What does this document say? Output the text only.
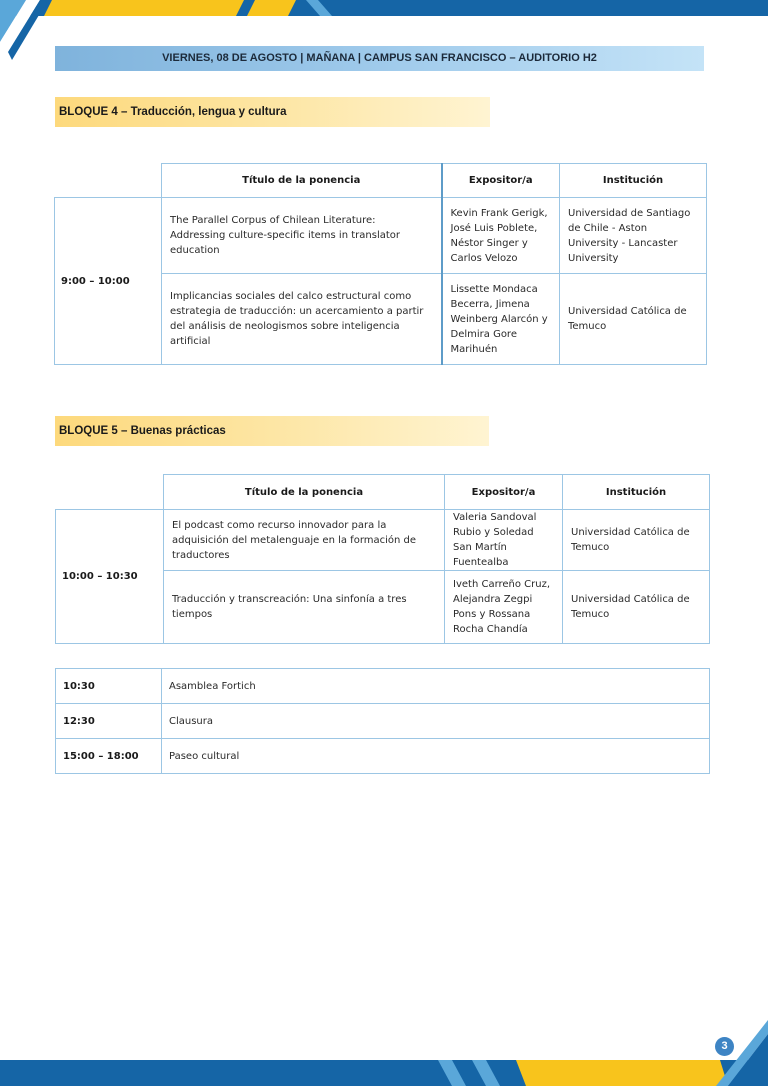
VIERNES, 08 DE AGOSTO | MAÑANA | CAMPUS SAN FRANCISCO – AUDITORIO H2
BLOQUE 4 – Traducción, lengua y cultura
	Título de la ponencia	Expositor/a	Institución
9:00 – 10:00	The Parallel Corpus of Chilean Literature: Addressing culture-specific items in translator education	Kevin Frank Gerigk, José Luis Poblete, Néstor Singer y Carlos Velozo	Universidad de Santiago de Chile - Aston University - Lancaster University
	Implicancias sociales del calco estructural como estrategia de traducción: un acercamiento a partir del análisis de neologismos sobre inteligencia artificial	Lissette Mondaca Becerra, Jimena Weinberg Alarcón y Delmira Gore Marihuén	Universidad Católica de Temuco
BLOQUE 5 – Buenas prácticas
	Título de la ponencia	Expositor/a	Institución
10:00 – 10:30	El podcast como recurso innovador para la adquisición del metalenguaje en la formación de traductores	Valeria Sandoval Rubio y Soledad San Martín Fuentealba	Universidad Católica de Temuco
	Traducción y transcreación: Una sinfonía a tres tiempos	Iveth Carreño Cruz, Alejandra Zegpi Pons y Rossana Rocha Chandía	Universidad Católica de Temuco
10:30	Asamblea Fortich
12:30	Clausura
15:00 – 18:00	Paseo cultural
3
